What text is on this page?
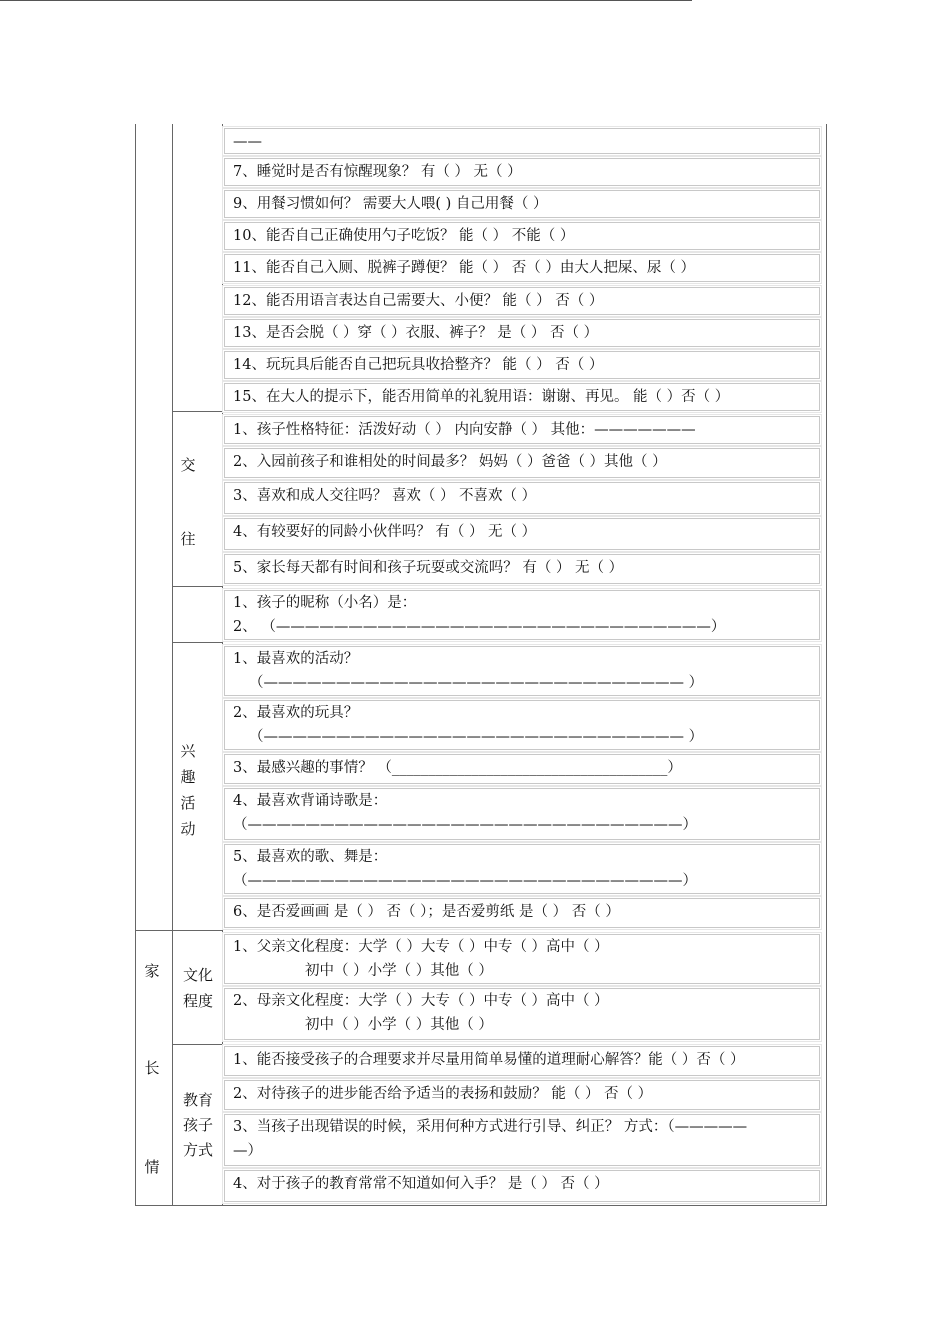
——
7、睡觉时是否有惊醒现象？ 有（ ） 无（ ）
9、用餐习惯如何？ 需要大人喂( ) 自己用餐（ ）
10、能否自己正确使用勺子吃饭？ 能（ ） 不能（ ）
11、能否自己入厕、脱裤子蹲便？ 能（ ） 否（ ）由大人把屎、尿（ ）
12、能否用语言表达自己需要大、小便？ 能（ ） 否（ ）
13、是否会脱（ ）穿（ ）衣服、裤子？ 是（ ） 否（ ）
14、玩玩具后能否自己把玩具收拾整齐？ 能（ ） 否（ ）
15、在大人的提示下，能否用简单的礼貌用语：谢谢、再见。 能（ ）否（ ）
交
往
1、孩子性格特征：活泼好动（ ） 内向安静（ ） 其他：———————
2、入园前孩子和谁相处的时间最多？ 妈妈（ ）爸爸（ ）其他（ ）
3、喜欢和成人交往吗？ 喜欢（ ） 不喜欢（ ）
4、有较要好的同龄小伙伴吗？ 有（ ） 无（ ）
5、家长每天都有时间和孩子玩耍或交流吗？ 有（ ） 无（ ）
1、孩子的昵称（小名）是：
2、 （——————————————————————————————）
兴
趣
活
动
1、最喜欢的活动？
（————————————————————————————— ）
2、最喜欢的玩具？
（————————————————————————————— ）
3、最感兴趣的事情？ （______________________________________）
4、最喜欢背诵诗歌是：
（——————————————————————————————）
5、最喜欢的歌、舞是：
（——————————————————————————————）
6、是否爱画画 是（ ） 否（ ）；是否爱剪纸 是（ ） 否（ ）
家
长
情
文化
程度
1、父亲文化程度：大学（ ）大专（ ）中专（ ）高中（ ）
初中（ ）小学（ ）其他（ ）
2、母亲文化程度：大学（ ）大专（ ）中专（ ）高中（ ）
初中（ ）小学（ ）其他（ ）
教育
孩子
方式
1、能否接受孩子的合理要求并尽量用简单易懂的道理耐心解答？能（ ）否（ ）
2、对待孩子的进步能否给予适当的表扬和鼓励？ 能（ ） 否（ ）
3、当孩子出现错误的时候，采用何种方式进行引导、纠正？ 方式：（—————
—）
4、对于孩子的教育常常不知道如何入手？ 是（ ） 否（ ）
